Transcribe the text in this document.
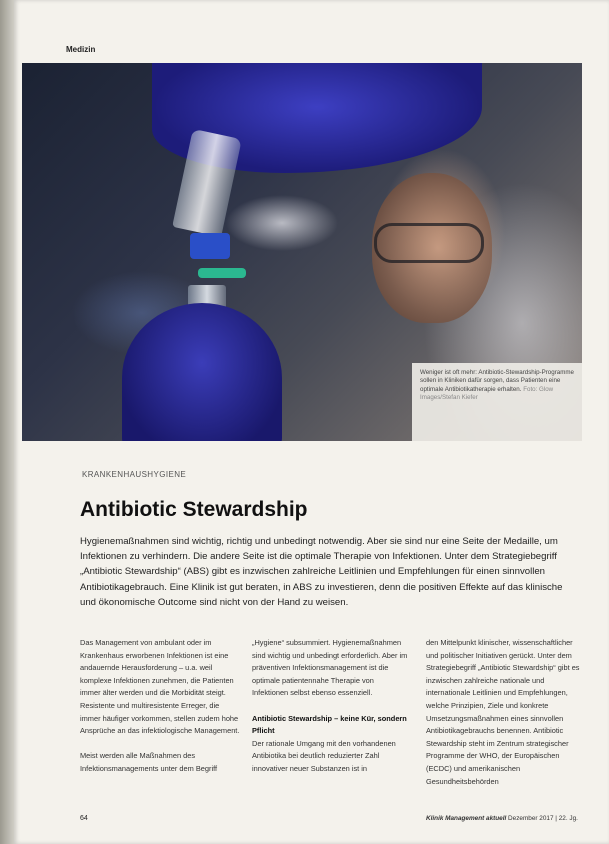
Medizin
Weniger ist oft mehr: Antibiotic-Stewardship-Programme sollen in Kliniken dafür sorgen, dass Patienten eine optimale Antibiotikatherapie erhalten. Foto: Glow Images/Stefan Kiefer
KRANKENHAUSHYGIENE
Antibiotic Stewardship

Hygienemaßnahmen sind wichtig, richtig und unbedingt notwendig. Aber sie sind nur eine Seite der Medaille, um Infektionen zu verhindern. Die andere Seite ist die optimale Therapie von Infektionen. Unter dem Strategiebegriff „Antibiotic Stewardship“ (ABS) gibt es inzwischen zahlreiche Leitlinien und Empfehlungen für einen sinnvollen Antibiotikagebrauch. Eine Klinik ist gut beraten, in ABS zu investieren, denn die positiven Effekte auf das klinische und ökonomische Outcome sind nicht von der Hand zu weisen.

Das Management von ambulant oder im Krankenhaus erworbenen Infektionen ist eine andauernde Herausforderung – u.a. weil komplexe Infektionen zunehmen, die Patienten immer älter werden und die Morbidität steigt. Resistente und multiresistente Erreger, die immer häufiger vorkommen, stellen zudem hohe Ansprüche an das infektiologische Management.

Meist werden alle Maßnahmen des Infektionsmanagements unter dem Begriff

„Hygiene“ subsummiert. Hygienemaßnahmen sind wichtig und unbedingt erforderlich. Aber im präventiven Infektionsmanagement ist die optimale patientennahe Therapie von Infektionen selbst ebenso essenziell.

Antibiotic Stewardship – keine Kür, sondern Pflicht

Der rationale Umgang mit den vorhandenen Antibiotika bei deutlich reduzierter Zahl innovativer neuer Substanzen ist in

den Mittelpunkt klinischer, wissenschaftlicher und politischer Initiativen gerückt. Unter dem Strategiebegriff „Antibiotic Stewardship“ gibt es inzwischen zahlreiche nationale und internationale Leitlinien und Empfehlungen, welche Prinzipien, Ziele und konkrete Umsetzungsmaßnahmen eines sinnvollen Antibiotikagebrauchs benennen. Antibiotic Stewardship steht im Zentrum strategischer Programme der WHO, der Europäischen (ECDC) und amerikanischen Gesundheitsbehörden

64	Klinik Management aktuell Dezember 2017 | 22. Jg.
